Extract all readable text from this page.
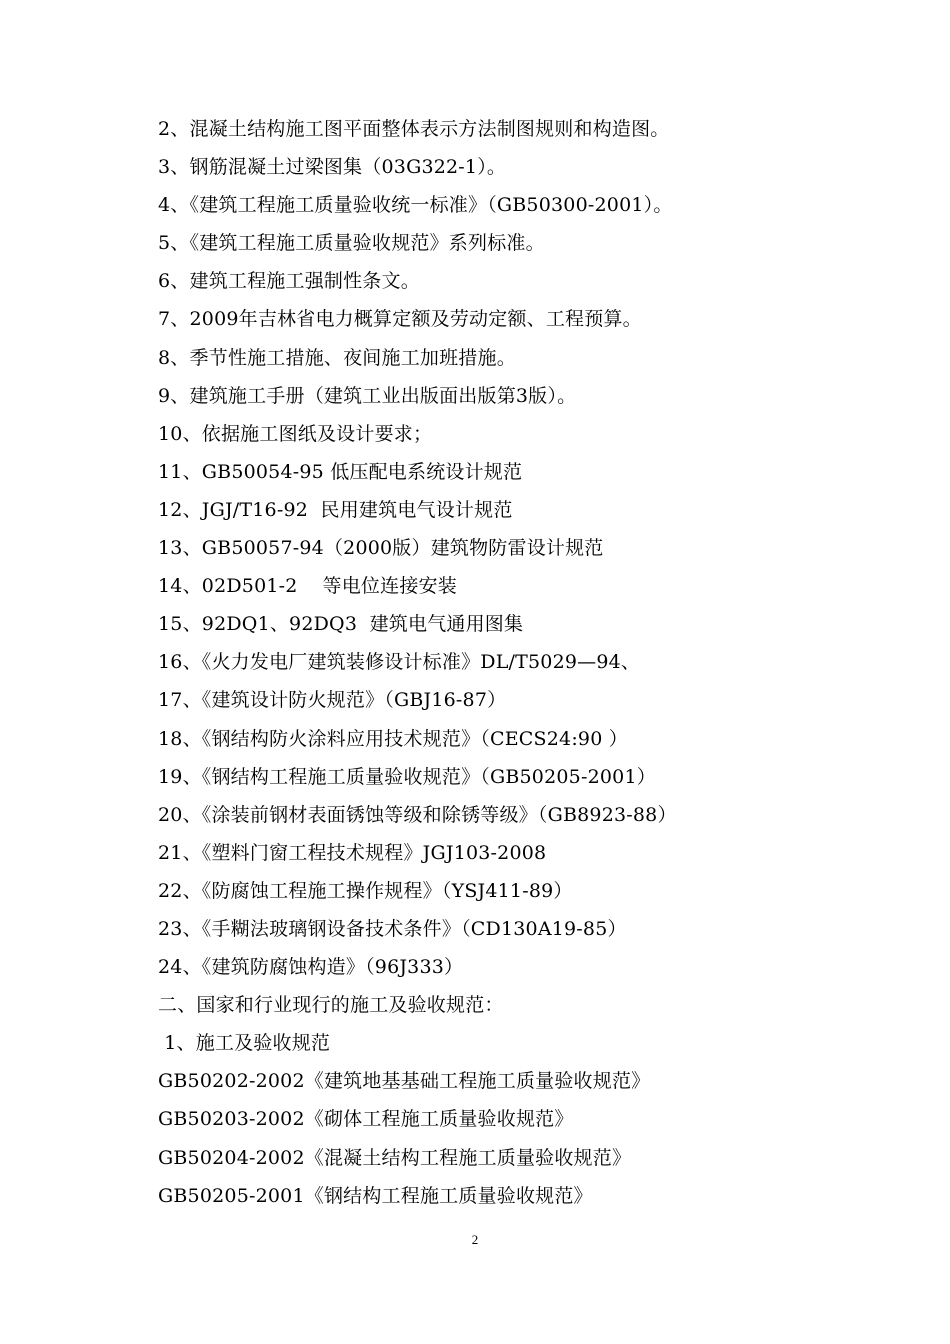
2、混凝土结构施工图平面整体表示方法制图规则和构造图。
3、钢筋混凝土过梁图集（03G322-1）。
4、《建筑工程施工质量验收统一标准》（GB50300-2001）。
5、《建筑工程施工质量验收规范》系列标准。
6、建筑工程施工强制性条文。
7、2009年吉林省电力概算定额及劳动定额、工程预算。
8、季节性施工措施、夜间施工加班措施。
9、建筑施工手册（建筑工业出版面出版第3版）。
10、依据施工图纸及设计要求；
11、GB50054-95 低压配电系统设计规范
12、JGJ/T16-92  民用建筑电气设计规范
13、GB50057-94（2000版）建筑物防雷设计规范
14、02D501-2    等电位连接安装
15、92DQ1、92DQ3  建筑电气通用图集
16、《火力发电厂建筑装修设计标准》DL/T5029—94、
17、《建筑设计防火规范》（GBJ16-87）
18、《钢结构防火涂料应用技术规范》（CECS24:90 ）
19、《钢结构工程施工质量验收规范》（GB50205-2001）
20、《涂装前钢材表面锈蚀等级和除锈等级》（GB8923-88）
21、《塑料门窗工程技术规程》JGJ103-2008
22、《防腐蚀工程施工操作规程》（YSJ411-89）
23、《手糊法玻璃钢设备技术条件》（CD130A19-85）
24、《建筑防腐蚀构造》（96J333）
二、国家和行业现行的施工及验收规范：
1、施工及验收规范
GB50202-2002《建筑地基基础工程施工质量验收规范》
GB50203-2002《砌体工程施工质量验收规范》
GB50204-2002《混凝土结构工程施工质量验收规范》
GB50205-2001《钢结构工程施工质量验收规范》
2
